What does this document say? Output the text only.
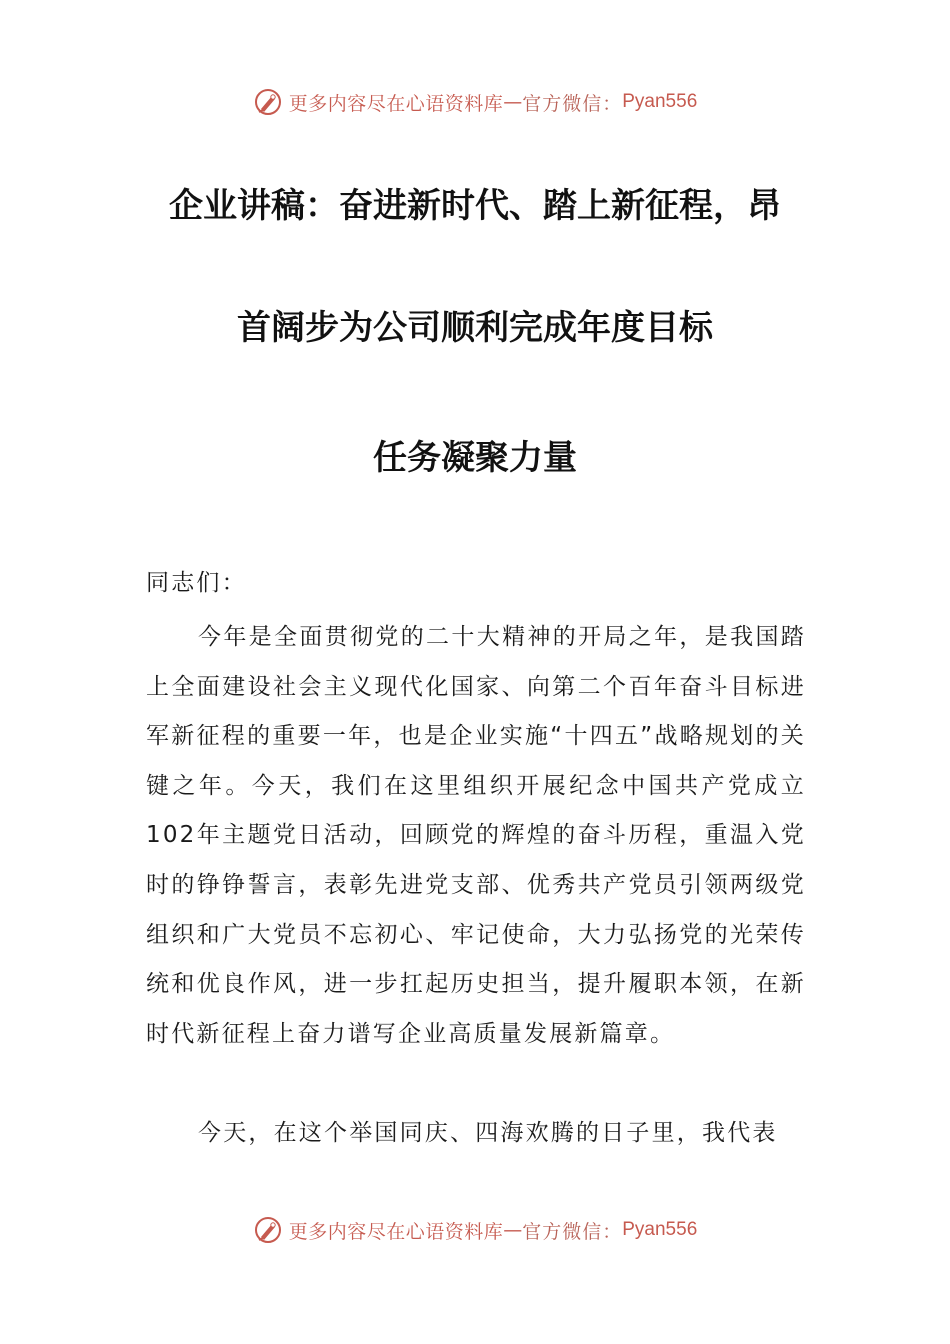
更多内容尽在心语资料库 — 官方微信： Pyan556
企业讲稿：奋进新时代、踏上新征程，昂
首阔步为公司顺利完成年度目标
任务凝聚力量
同志们：
今年是全面贯彻党的二十大精神的开局之年，是我国踏上全面建设社会主义现代化国家、向第二个百年奋斗目标进军新征程的重要一年，也是企业实施“十四五”战略规划的关键之年。今天，我们在这里组织开展纪念中国共产党成立102年主题党日活动，回顾党的辉煌的奋斗历程，重温入党时的铮铮誓言，表彰先进党支部、优秀共产党员引领两级党组织和广大党员不忘初心、牢记使命，大力弘扬党的光荣传统和优良作风，进一步扛起历史担当，提升履职本领，在新时代新征程上奋力谱写企业高质量发展新篇章。
今天，在这个举国同庆、四海欢腾的日子里，我代表
更多内容尽在心语资料库 — 官方微信： Pyan556
